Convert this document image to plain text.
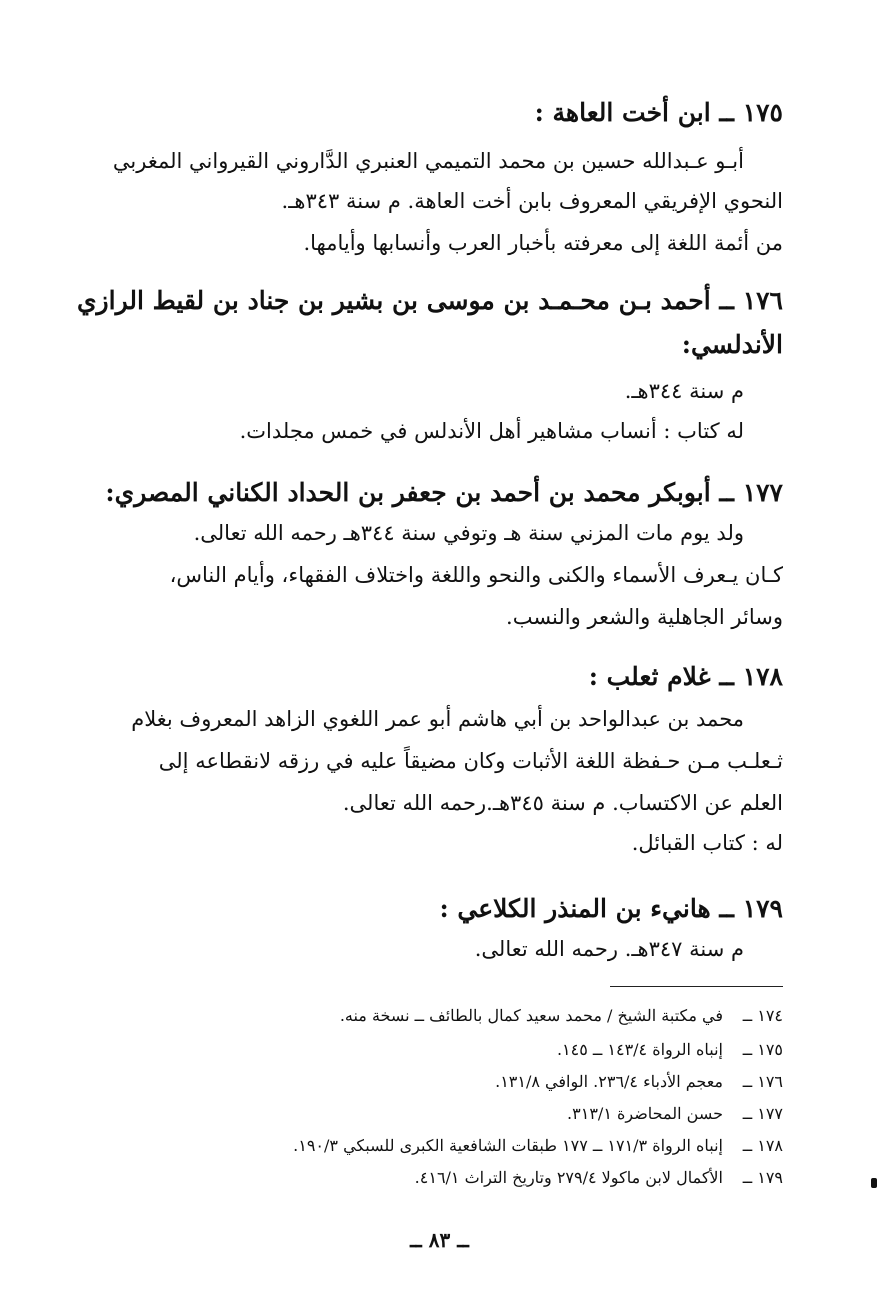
١٧٥ ــ ابن أخت العاهة :
أبـو عـبدالله حسين بن محمد التميمي العنبري الدَّاروني القيرواني المغربي
النحوي الإفريقي المعروف بابن أخت العاهة. م سنة ٣٤٣هـ.
من أئمة اللغة إلى معرفته بأخبار العرب وأنسابها وأيامها.
١٧٦ ــ أحمد بـن محـمـد بن موسى بن بشير بن جناد بن لقيط الرازي
الأندلسي:
م سنة ٣٤٤هـ.
له كتاب : أنساب مشاهير أهل الأندلس في خمس مجلدات.
١٧٧ ــ أبوبكر محمد بن أحمد بن جعفر بن الحداد الكناني المصري:
ولد يوم مات المزني سنة هـ وتوفي سنة ٣٤٤هـ رحمه الله تعالى.
كـان يـعرف الأسماء والكنى والنحو واللغة واختلاف الفقهاء، وأيام الناس،
وسائر الجاهلية والشعر والنسب.
١٧٨ ــ غلام ثعلب :
محمد بن عبدالواحد بن أبي هاشم أبو عمر اللغوي الزاهد المعروف بغلام
ثـعلـب مـن حـفظة اللغة الأثبات وكان مضيقاً عليه في رزقه لانقطاعه إلى
العلم عن الاكتساب. م سنة ٣٤٥هـ.رحمه الله تعالى.
له : كتاب القبائل.
١٧٩ ــ هانيء بن المنذر الكلاعي :
م سنة ٣٤٧هـ. رحمه الله تعالى.
١٧٤ ــ
في مكتبة الشيخ / محمد سعيد كمال بالطائف ــ نسخة منه.
١٧٥ ــ
إنباه الرواة ١٤٣/٤ ــ ١٤٥.
١٧٦ ــ
معجم الأدباء ٢٣٦/٤. الوافي ١٣١/٨.
١٧٧ ــ
حسن المحاضرة ٣١٣/١.
١٧٨ ــ
إنباه الرواة ١٧١/٣ ــ ١٧٧ طبقات الشافعية الكبرى للسبكي ١٩٠/٣.
١٧٩ ــ
الأكمال لابن ماكولا ٢٧٩/٤ وتاريخ التراث ٤١٦/١.
ــ ٨٣ ــ
